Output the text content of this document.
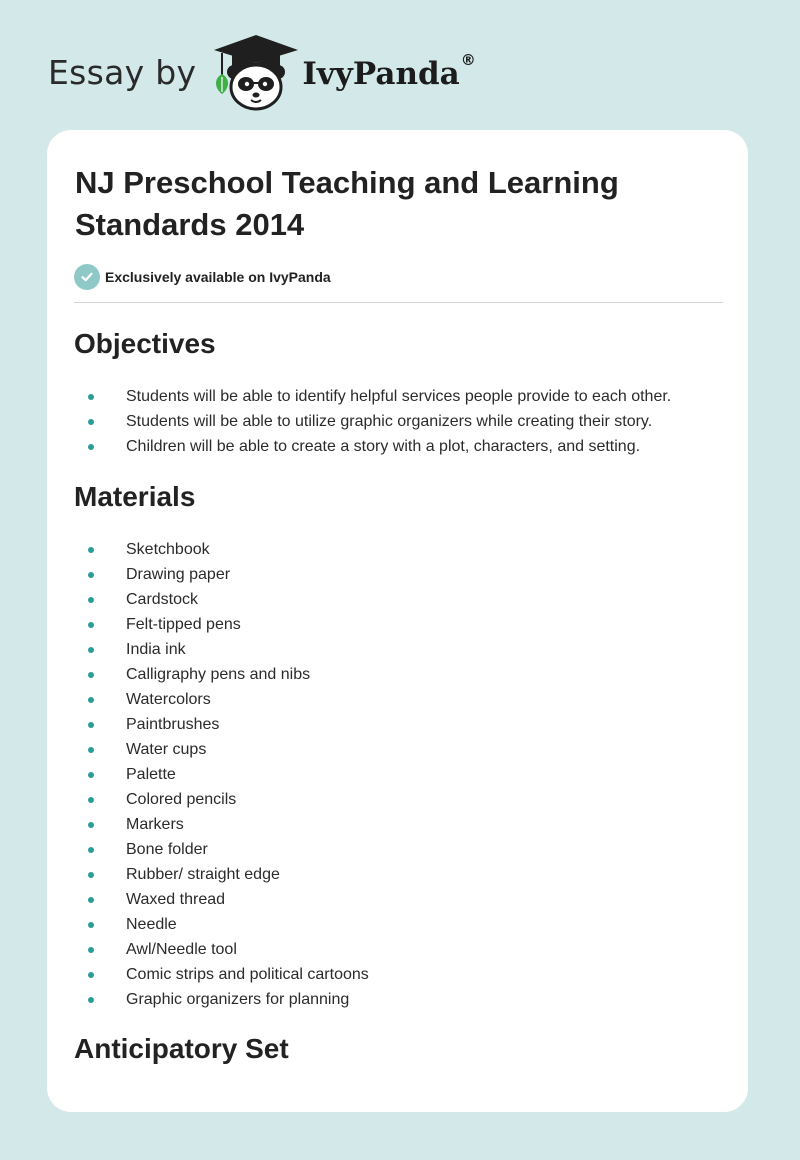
Essay by	IvyPanda ®
NJ Preschool Teaching and Learning Standards 2014
Exclusively available on IvyPanda
Objectives
Students will be able to identify helpful services people provide to each other.
Students will be able to utilize graphic organizers while creating their story.
Children will be able to create a story with a plot, characters, and setting.
Materials
Sketchbook
Drawing paper
Cardstock
Felt-tipped pens
India ink
Calligraphy pens and nibs
Watercolors
Paintbrushes
Water cups
Palette
Colored pencils
Markers
Bone folder
Rubber/ straight edge
Waxed thread
Needle
Awl/Needle tool
Comic strips and political cartoons
Graphic organizers for planning
Anticipatory Set
